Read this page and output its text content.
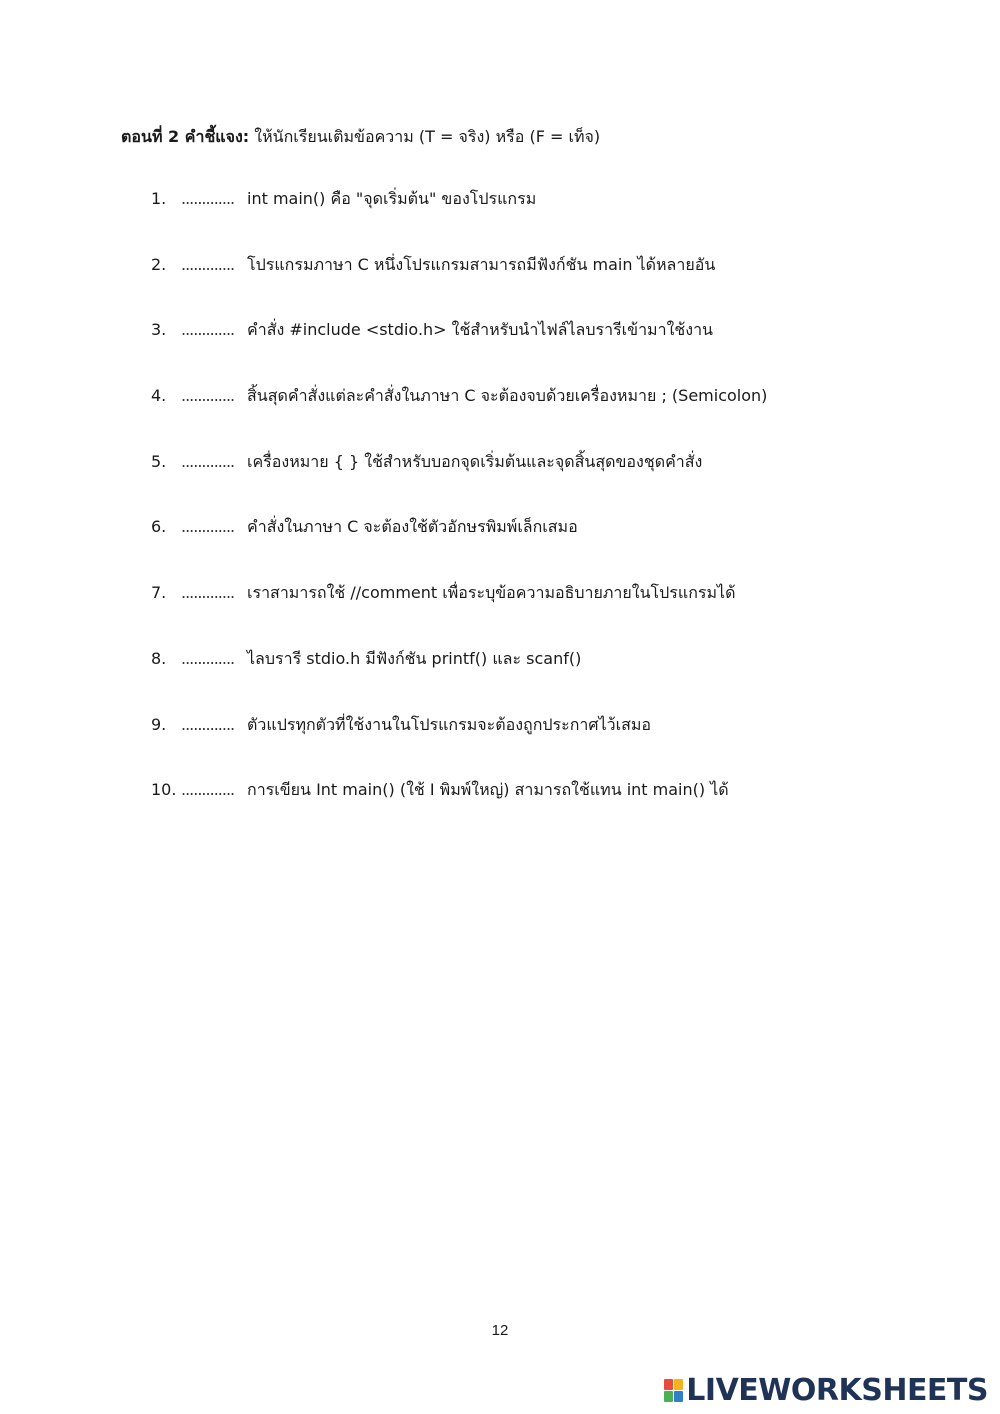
ตอนที่ 2 คำชี้แจง: ให้นักเรียนเติมข้อความ (T = จริง) หรือ (F = เท็จ)
1. ............. int main() คือ "จุดเริ่มต้น" ของโปรแกรม
2. ............. โปรแกรมภาษา C หนึ่งโปรแกรมสามารถมีฟังก์ชัน main ได้หลายอัน
3. ............. คำสั่ง #include <stdio.h> ใช้สำหรับนำไฟล์ไลบรารีเข้ามาใช้งาน
4. ............. สิ้นสุดคำสั่งแต่ละคำสั่งในภาษา C จะต้องจบด้วยเครื่องหมาย ; (Semicolon)
5. ............. เครื่องหมาย { } ใช้สำหรับบอกจุดเริ่มต้นและจุดสิ้นสุดของชุดคำสั่ง
6. ............. คำสั่งในภาษา C จะต้องใช้ตัวอักษรพิมพ์เล็กเสมอ
7. ............. เราสามารถใช้ //comment เพื่อระบุข้อความอธิบายภายในโปรแกรมได้
8. ............. ไลบรารี stdio.h มีฟังก์ชัน printf() และ scanf()
9. ............. ตัวแปรทุกตัวที่ใช้งานในโปรแกรมจะต้องถูกประกาศไว้เสมอ
10. ............. การเขียน Int main() (ใช้ I พิมพ์ใหญ่) สามารถใช้แทน int main() ได้
12
LIVEWORKSHEETS
